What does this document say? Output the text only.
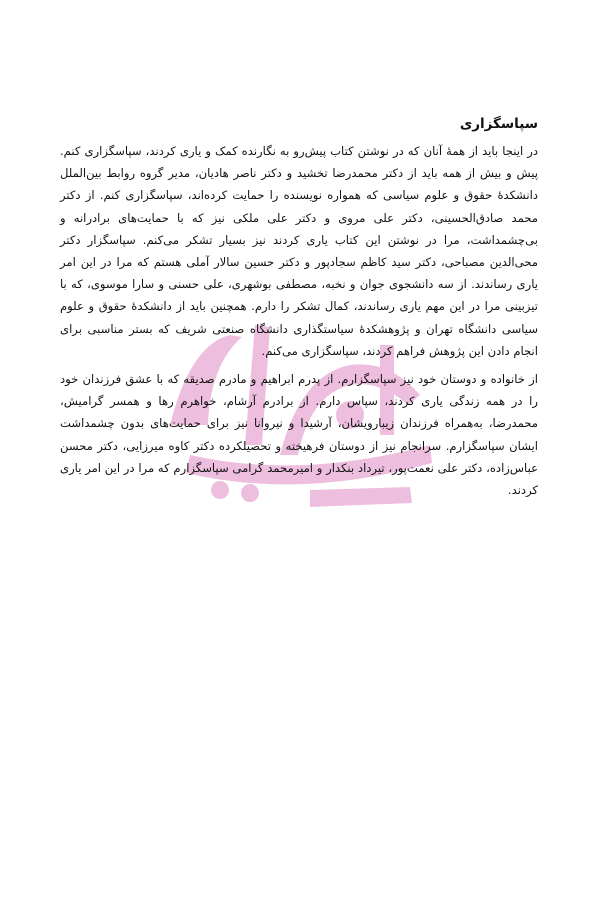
سپاسگزاری

در اینجا باید از همهٔ آنان که در نوشتن کتاب پیش‌رو به نگارنده کمک و یاری کردند، سپاسگزاری کنم. پیش و بیش از همه باید از دکتر محمدرضا تخشید و دکتر ناصر هادیان، مدیر گروه روابط بین‌الملل دانشکدهٔ حقوق و علوم سیاسی که همواره نویسنده را حمایت کرده‌اند، سپاسگزاری کنم. از دکتر محمد صادق‌الحسینی، دکتر علی مروی و دکتر علی ملکی نیز که با حمایت‌های برادرانه و بی‌چشمداشت، مرا در نوشتن این کتاب یاری کردند نیز بسیار تشکر می‌کنم. سپاسگزار دکتر محی‌الدین مصباحی، دکتر سید کاظم سجادپور و دکتر حسین سالار آملی هستم که مرا در این امر یاری رساندند. از سه دانشجوی جوان و نخبه، مصطفی بوشهری، علی حسنی و سارا موسوی، که با تیزبینی مرا در این مهم یاری رساندند، کمال تشکر را دارم. همچنین باید از دانشکدهٔ حقوق و علوم سیاسی دانشگاه تهران و پژوهشکدهٔ سیاستگذاری دانشگاه صنعتی شریف که بستر مناسبی برای انجام دادن این پژوهش فراهم کردند، سپاسگزاری می‌کنم.

از خانواده و دوستان خود نیز سپاسگزارم. از پدرم ابراهیم و مادرم صدیقه که با عشق فرزندان خود را در همه زندگی یاری کردند، سپاس دارم. از برادرم آرشام، خواهرم رها و همسر گرامیش، محمدرضا، به‌همراه فرزندان زیبارویشان، آرشیدا و نیروانا نیز برای حمایت‌های بدون چشمداشت ایشان سپاسگزارم. سرانجام نیز از دوستان فرهیخته و تحصیلکرده دکتر کاوه میرزایی، دکتر محسن عباس‌زاده، دکتر علی نعمت‌پور، تیرداد بنکدار و امیرمحمد گرامی سپاسگزارم که مرا در این امر یاری کردند.
